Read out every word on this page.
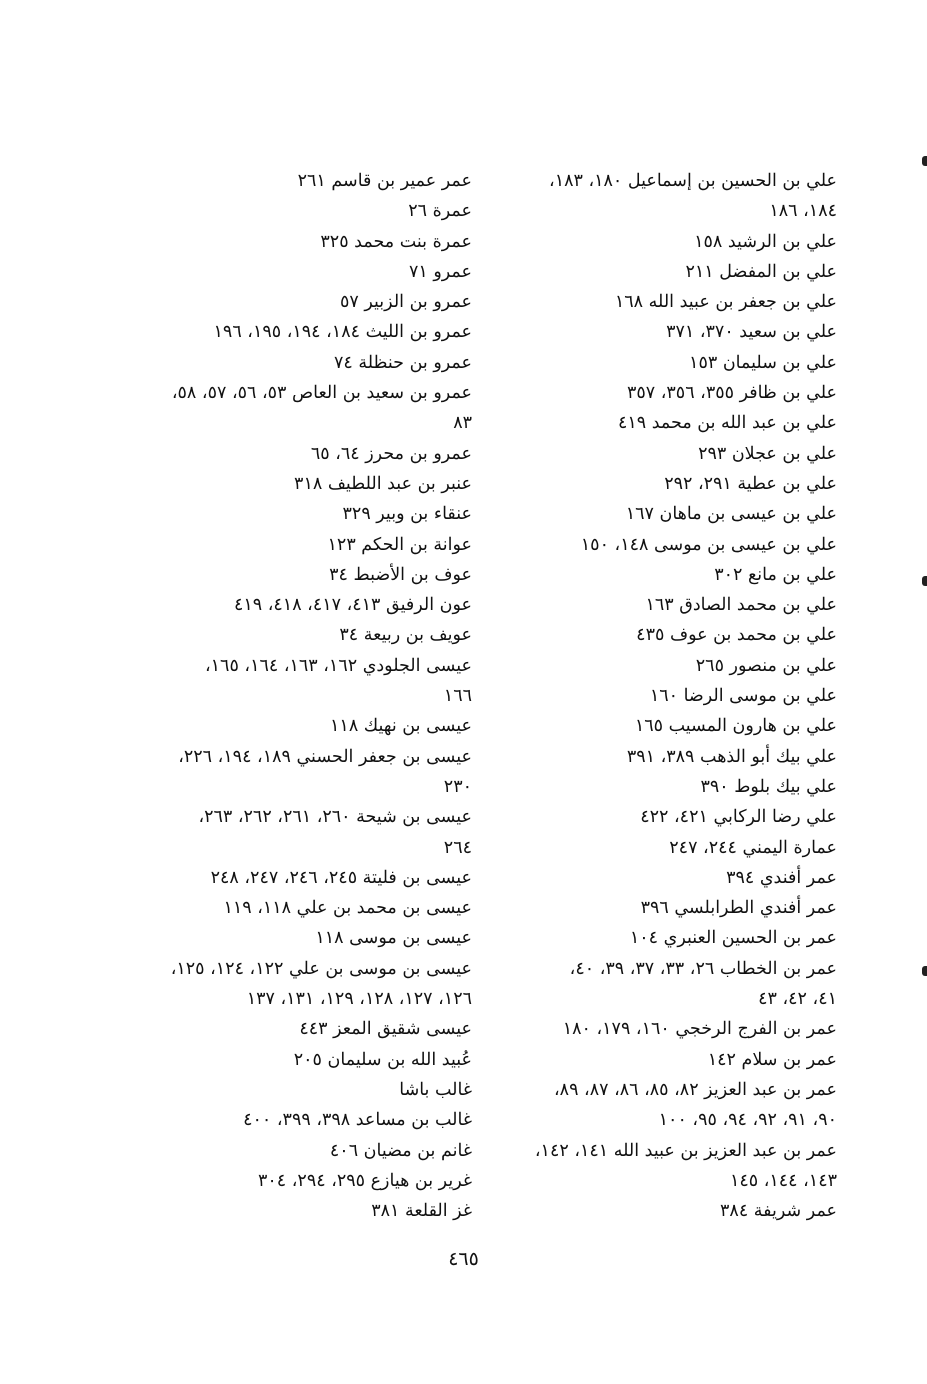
علي بن الحسين بن إسماعيل ١٨٠، ١٨٣،
١٨٤، ١٨٦
علي بن الرشيد ١٥٨
علي بن المفضل ٢١١
علي بن جعفر بن عبيد الله ١٦٨
علي بن سعيد ٣٧٠، ٣٧١
علي بن سليمان ١٥٣
علي بن ظافر ٣٥٥، ٣٥٦، ٣٥٧
علي بن عبد الله بن محمد ٤١٩
علي بن عجلان ٢٩٣
علي بن عطية ٢٩١، ٢٩٢
علي بن عيسى بن ماهان ١٦٧
علي بن عيسى بن موسى ١٤٨، ١٥٠
علي بن مانع ٣٠٢
علي بن محمد الصادق ١٦٣
علي بن محمد بن عوف ٤٣٥
علي بن منصور ٢٦٥
علي بن موسى الرضا ١٦٠
علي بن هارون المسيب ١٦٥
علي بيك أبو الذهب ٣٨٩، ٣٩١
علي بيك بلوط ٣٩٠
علي رضا الركابي ٤٢١، ٤٢٢
عمارة اليمني ٢٤٤، ٢٤٧
عمر أفندي ٣٩٤
عمر أفندي الطرابلسي ٣٩٦
عمر بن الحسين العنبري ١٠٤
عمر بن الخطاب ٢٦، ٣٣، ٣٧، ٣٩، ٤٠،
٤١، ٤٢، ٤٣
عمر بن الفرج الرخجي ١٦٠، ١٧٩، ١٨٠
عمر بن سلام ١٤٢
عمر بن عبد العزيز ٨٢، ٨٥، ٨٦، ٨٧، ٨٩،
٩٠، ٩١، ٩٢، ٩٤، ٩٥، ١٠٠
عمر بن عبد العزيز بن عبيد الله ١٤١، ١٤٢،
١٤٣، ١٤٤، ١٤٥
عمر شريفة ٣٨٤
عمر عمير بن قاسم ٢٦١
عمرة ٢٦
عمرة بنت محمد ٣٢٥
عمرو ٧١
عمرو بن الزبير ٥٧
عمرو بن الليث ١٨٤، ١٩٤، ١٩٥، ١٩٦
عمرو بن حنظلة ٧٤
عمرو بن سعيد بن العاص ٥٣، ٥٦، ٥٧، ٥٨،
٨٣
عمرو بن محرز ٦٤، ٦٥
عنبر بن عبد اللطيف ٣١٨
عنقاء بن وبير ٣٢٩
عوانة بن الحكم ١٢٣
عوف بن الأضبط ٣٤
عون الرفيق ٤١٣، ٤١٧، ٤١٨، ٤١٩
عويف بن ربيعة ٣٤
عيسى الجلودي ١٦٢، ١٦٣، ١٦٤، ١٦٥،
١٦٦
عيسى بن نهيك ١١٨
عيسى بن جعفر الحسني ١٨٩، ١٩٤، ٢٢٦،
٢٣٠
عيسى بن شيحة ٢٦٠، ٢٦١، ٢٦٢، ٢٦٣،
٢٦٤
عيسى بن فليتة ٢٤٥، ٢٤٦، ٢٤٧، ٢٤٨
عيسى بن محمد بن علي ١١٨، ١١٩
عيسى بن موسى ١١٨
عيسى بن موسى بن علي ١٢٢، ١٢٤، ١٢٥،
١٢٦، ١٢٧، ١٢٨، ١٢٩، ١٣١، ١٣٧
عيسى شقيق المعز ٤٤٣
عُبيد الله بن سليمان ٢٠٥
غالب باشا
غالب بن مساعد ٣٩٨، ٣٩٩، ٤٠٠
غانم بن مضيان ٤٠٦
غرير بن هيازع ٢٩٥، ٢٩٤، ٣٠٤
غز القلعة ٣٨١
٤٦٥
